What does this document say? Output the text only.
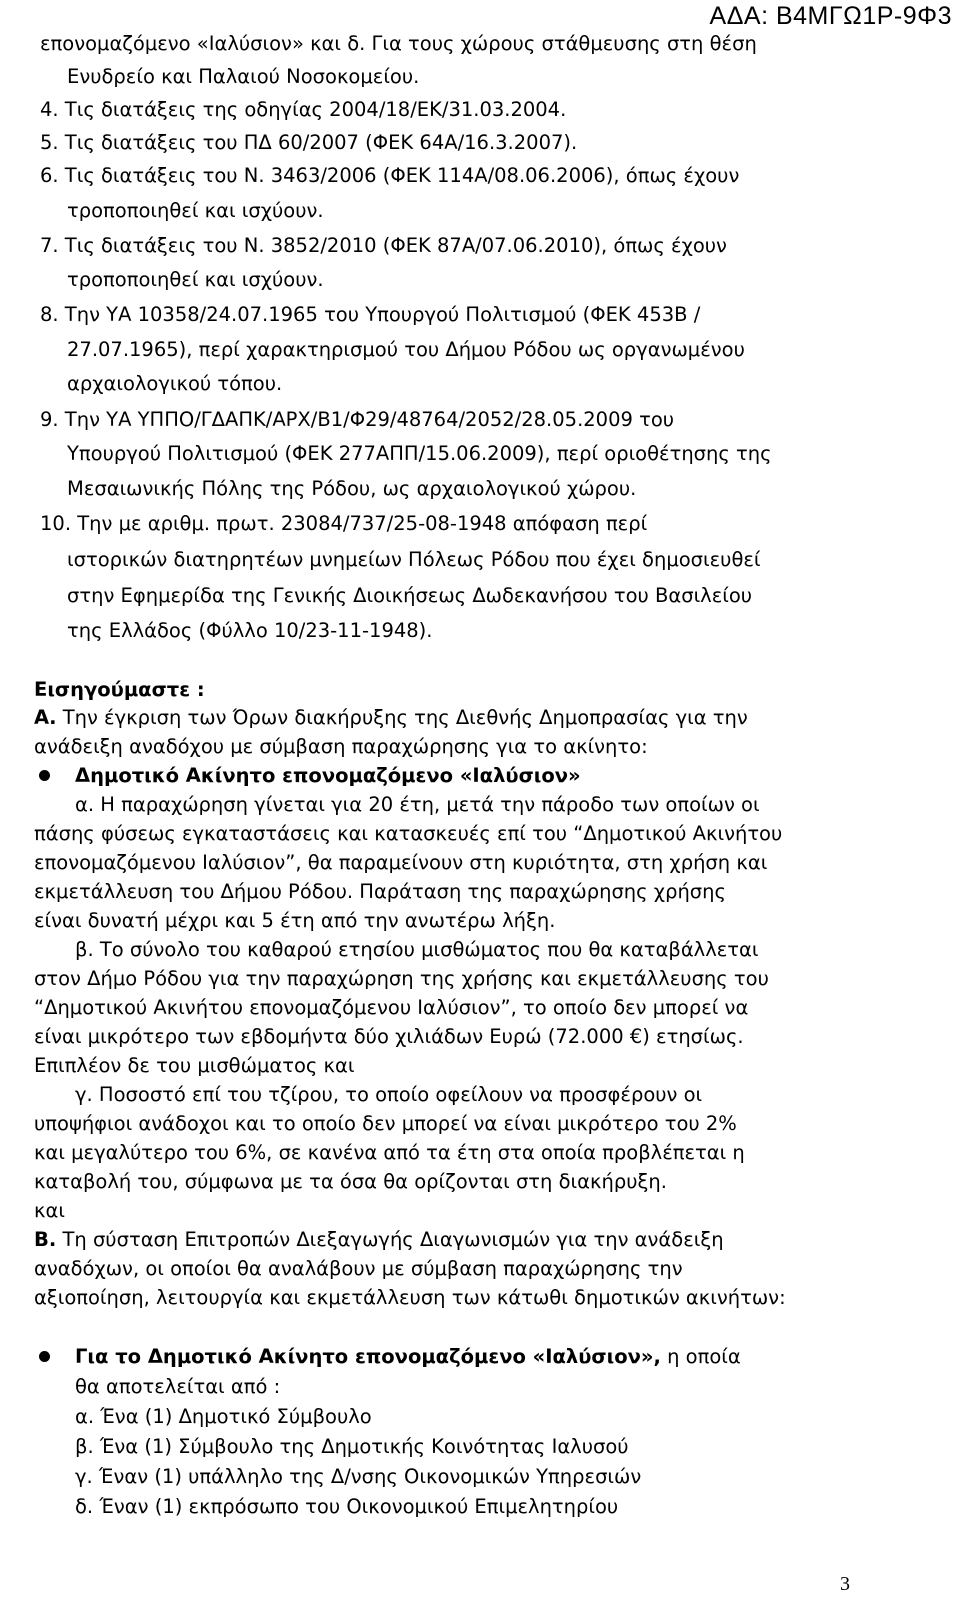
ΑΔΑ: Β4ΜΓΩ1Ρ-9Φ3
επονομαζόμενο «Ιαλύσιον» και δ. Για τους χώρους στάθμευσης στη θέση
Ενυδρείο και Παλαιού Νοσοκομείου.
4. Τις διατάξεις της οδηγίας 2004/18/ΕΚ/31.03.2004.
5. Τις διατάξεις του ΠΔ 60/2007 (ΦΕΚ 64Α/16.3.2007).
6. Τις διατάξεις του Ν. 3463/2006 (ΦΕΚ 114Α/08.06.2006), όπως έχουν
τροποποιηθεί και ισχύουν.
7. Τις διατάξεις του Ν. 3852/2010 (ΦΕΚ 87Α/07.06.2010), όπως έχουν
τροποποιηθεί και ισχύουν.
8. Την ΥΑ 10358/24.07.1965 του Υπουργού Πολιτισμού (ΦΕΚ 453Β /
27.07.1965), περί χαρακτηρισμού του Δήμου Ρόδου ως οργανωμένου
αρχαιολογικού τόπου.
9. Την ΥΑ ΥΠΠΟ/ΓΔΑΠΚ/ΑΡΧ/Β1/Φ29/48764/2052/28.05.2009 του
Υπουργού Πολιτισμού (ΦΕΚ 277ΑΠΠ/15.06.2009), περί οριοθέτησης της
Μεσαιωνικής Πόλης της Ρόδου, ως αρχαιολογικού χώρου.
10. Την με αριθμ. πρωτ. 23084/737/25-08-1948 απόφαση περί
ιστορικών διατηρητέων μνημείων Πόλεως Ρόδου που έχει δημοσιευθεί
στην Εφημερίδα της Γενικής Διοικήσεως Δωδεκανήσου του Βασιλείου
της Ελλάδος (Φύλλο 10/23-11-1948).
Εισηγούμαστε :
Α. Την έγκριση των Όρων διακήρυξης της Διεθνής Δημοπρασίας για την
ανάδειξη αναδόχου με σύμβαση παραχώρησης για το ακίνητο:
Δημοτικό Ακίνητο επονομαζόμενο «Ιαλύσιον»
α. Η παραχώρηση γίνεται για 20 έτη, μετά την πάροδο των οποίων οι
πάσης φύσεως εγκαταστάσεις και κατασκευές επί του “Δημοτικού Ακινήτου
επονομαζόμενου Ιαλύσιον”, θα παραμείνουν στη κυριότητα, στη χρήση και
εκμετάλλευση του Δήμου Ρόδου. Παράταση της παραχώρησης χρήσης
είναι δυνατή μέχρι και 5 έτη από την ανωτέρω λήξη.
β. Το σύνολο του καθαρού ετησίου μισθώματος που θα καταβάλλεται
στον Δήμο Ρόδου για την παραχώρηση της χρήσης και εκμετάλλευσης του
“Δημοτικού Ακινήτου επονομαζόμενου Ιαλύσιον”, το οποίο δεν μπορεί να
είναι μικρότερο των εβδομήντα δύο χιλιάδων Ευρώ (72.000 €) ετησίως.
Επιπλέον δε του μισθώματος και
γ. Ποσοστό επί του τζίρου, το οποίο οφείλουν να προσφέρουν οι
υποψήφιοι ανάδοχοι και το οποίο δεν μπορεί να είναι μικρότερο του 2%
και μεγαλύτερο του 6%, σε κανένα από τα έτη στα οποία προβλέπεται η
καταβολή του, σύμφωνα με τα όσα θα ορίζονται στη διακήρυξη.
και
Β. Τη σύσταση Επιτροπών Διεξαγωγής Διαγωνισμών για την ανάδειξη
αναδόχων, οι οποίοι θα αναλάβουν με σύμβαση παραχώρησης την
αξιοποίηση, λειτουργία και εκμετάλλευση των κάτωθι δημοτικών ακινήτων:
Για το Δημοτικό Ακίνητο επονομαζόμενο «Ιαλύσιον», η οποία
θα αποτελείται από :
α. Ένα (1) Δημοτικό Σύμβουλο
β. Ένα (1) Σύμβουλο της Δημοτικής Κοινότητας Ιαλυσού
γ. Έναν (1) υπάλληλο της Δ/νσης Οικονομικών Υπηρεσιών
δ. Έναν (1) εκπρόσωπο του Οικονομικού Επιμελητηρίου
3
